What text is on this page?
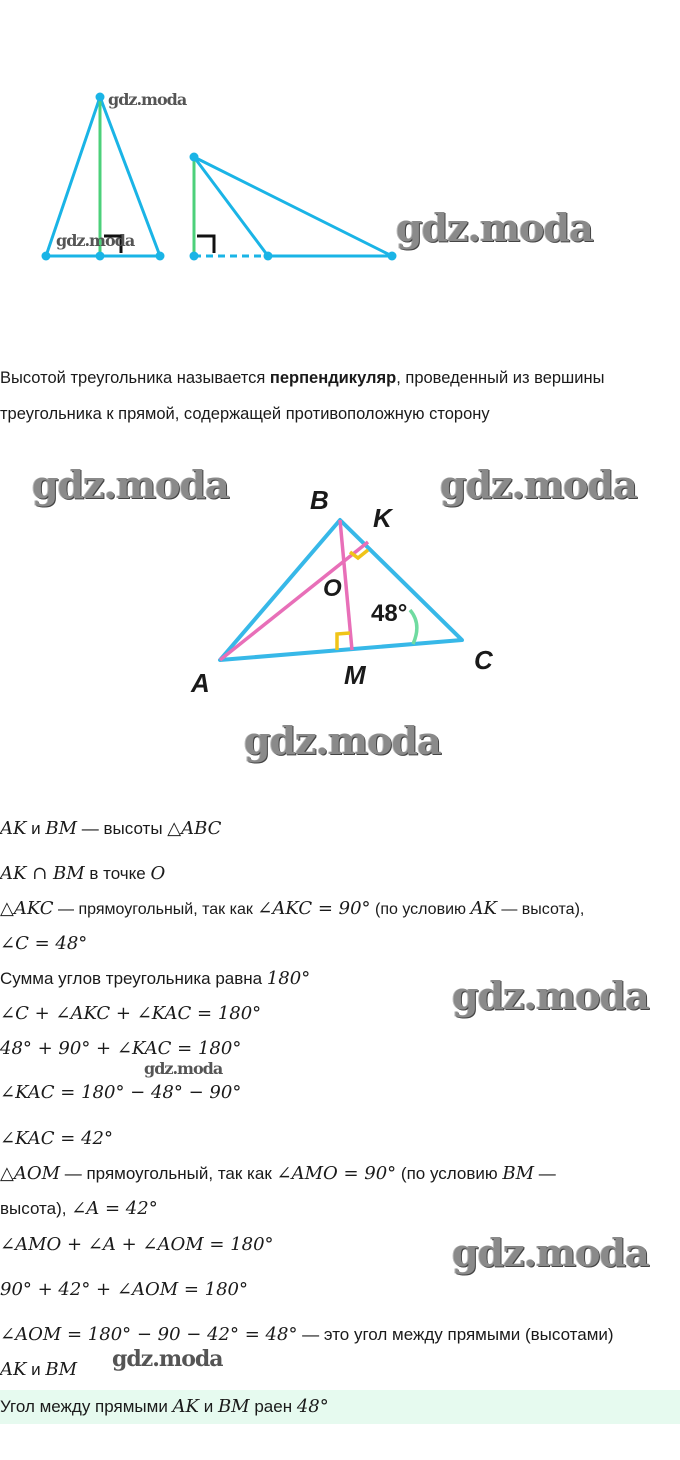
gdz.moda
gdz.moda	gdz.moda
Высотой треугольника называется перпендикуляр, проведенный из вершины треугольника к прямой, содержащей противоположную сторону
B
K
O
A	M	C
48°
gdz.moda	gdz.moda
gdz.moda
AK и BM — высоты △ABC
AK ∩ BM в точке O
△AKC — прямоугольный, так как ∠AKC = 90° (по условию AK — высота),
∠C = 48°
Сумма углов треугольника равна 180°
∠C + ∠AKC + ∠KAC = 180°
48° + 90° + ∠KAC = 180°
∠KAC = 180° − 48° − 90°
∠KAC = 42°
△AOM — прямоугольный, так как ∠AMO = 90° (по условию BM —
высота), ∠A = 42°
∠AMO + ∠A + ∠AOM = 180°
90° + 42° + ∠AOM = 180°
∠AOM = 180° − 90 − 42° = 48° — это угол между прямыми (высотами)
AK и BM
gdz.moda
gdz.moda
gdz.moda
gdz.moda
Угол между прямыми AK и BM раен 48°
